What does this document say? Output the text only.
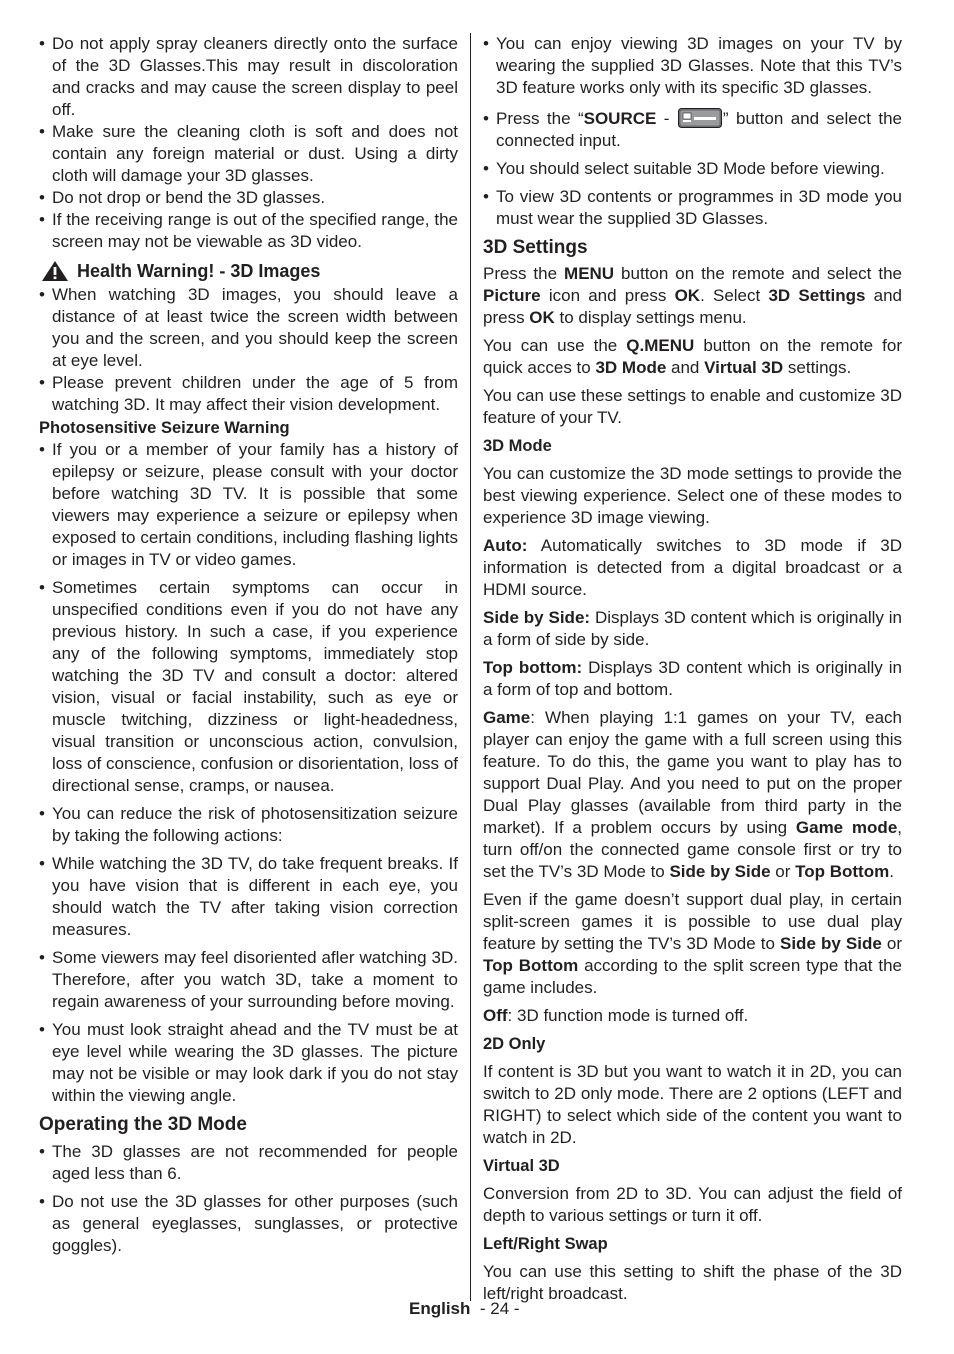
• Do not apply spray cleaners directly onto the surface of the 3D Glasses.This may result in discoloration and cracks and may cause the screen display to peel off.
• Make sure the cleaning cloth is soft and does not contain any foreign material or dust. Using a dirty cloth will damage your 3D glasses.
• Do not drop or bend the 3D glasses.
• If the receiving range is out of the specified range, the screen may not be viewable as 3D video.
Health Warning! - 3D Images
• When watching 3D images, you should leave a distance of at least twice the screen width between you and the screen, and you should keep the screen at eye level.
• Please prevent children under the age of 5 from watching 3D. It may affect their vision development.
Photosensitive Seizure Warning
• If you or a member of your family has a history of epilepsy or seizure, please consult with your doctor before watching 3D TV. It is possible that some viewers may experience a seizure or epilepsy when exposed to certain conditions, including flashing lights or images in TV or video games.
• Sometimes certain symptoms can occur in unspecified conditions even if you do not have any previous history. In such a case, if you experience any of the following symptoms, immediately stop watching the 3D TV and consult a doctor: altered vision, visual or facial instability, such as eye or muscle twitching, dizziness or light-headedness, visual transition or unconscious action, convulsion, loss of conscience, confusion or disorientation, loss of directional sense, cramps, or nausea.
• You can reduce the risk of photosensitization seizure by taking the following actions:
• While watching the 3D TV, do take frequent breaks. If you have vision that is different in each eye, you should watch the TV after taking vision correction measures.
• Some viewers may feel disoriented afler watching 3D. Therefore, after you watch 3D, take a moment to regain awareness of your surrounding before moving.
• You must look straight ahead and the TV must be at eye level while wearing the 3D glasses. The picture may not be visible or may look dark if you do not stay within the viewing angle.
Operating the 3D Mode
• The 3D glasses are not recommended for people aged less than 6.
• Do not use the 3D glasses for other purposes (such as general eyeglasses, sunglasses, or protective goggles).
• You can enjoy viewing 3D images on your TV by wearing the supplied 3D Glasses. Note that this TV’s 3D feature works only with its specific 3D glasses.
• Press the “SOURCE -	” button and select the connected input.
• You should select suitable 3D Mode before viewing.
• To view 3D contents or programmes in 3D mode you must wear the supplied 3D Glasses.
3D Settings

Press the MENU button on the remote and select the Picture icon and press OK. Select 3D Settings and press OK to display settings menu.

You can use the Q.MENU button on the remote for quick acces to 3D Mode and Virtual 3D settings.

You can use these settings to enable and customize 3D feature of your TV.

3D Mode

You can customize the 3D mode settings to provide the best viewing experience. Select one of these modes to experience 3D image viewing.

Auto: Automatically switches to 3D mode if 3D information is detected from a digital broadcast or a HDMI source.

Side by Side: Displays 3D content which is originally in a form of side by side.

Top bottom: Displays 3D content which is originally in a form of top and bottom.

Game: When playing 1:1 games on your TV, each player can enjoy the game with a full screen using this feature. To do this, the game you want to play has to support Dual Play. And you need to put on the proper Dual Play glasses (available from third party in the market). If a problem occurs by using Game mode, turn off/on the connected game console first or try to set the TV’s 3D Mode to Side by Side or Top Bottom.

Even if the game doesn’t support dual play, in certain split-screen games it is possible to use dual play feature by setting the TV’s 3D Mode to Side by Side or Top Bottom according to the split screen type that the game includes.

Off: 3D function mode is turned off.

2D Only

If content is 3D but you want to watch it in 2D, you can switch to 2D only mode. There are 2 options (LEFT and RIGHT) to select which side of the content you want to watch in 2D.

Virtual 3D

Conversion from 2D to 3D. You can adjust the field of depth to various settings or turn it off.

Left/Right Swap

You can use this setting to shift the phase of the 3D left/right broadcast.

English  - 24 -
